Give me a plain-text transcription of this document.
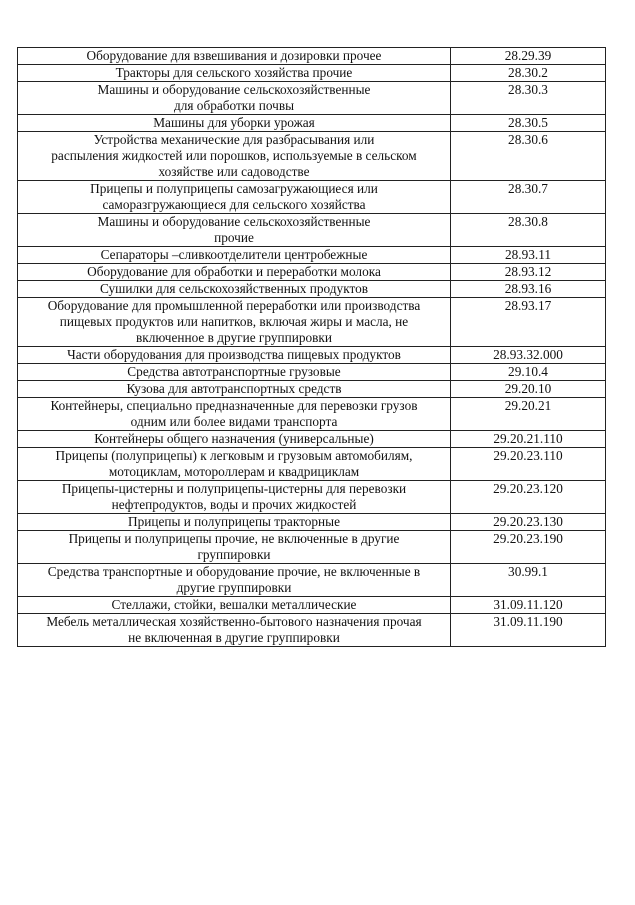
Оборудование для взвешивания и дозировки прочее	28.29.39

Тракторы для сельского хозяйства прочие	28.30.2

Машины и оборудование сельскохозяйственные
для обработки почвы	28.30.3

Машины для уборки урожая	28.30.5

Устройства механические для разбрасывания или
распыления жидкостей или порошков, используемые в сельском
хозяйстве или садоводстве	28.30.6

Прицепы и полуприцепы самозагружающиеся или
саморазгружающиеся для сельского хозяйства	28.30.7

Машины и оборудование сельскохозяйственные
прочие	28.30.8

Сепараторы –сливкоотделители центробежные	28.93.11

Оборудование для обработки и переработки молока	28.93.12

Сушилки для сельскохозяйственных продуктов	28.93.16

Оборудование для промышленной переработки или производства
пищевых продуктов или напитков, включая жиры и масла, не
включенное в другие группировки	28.93.17

Части оборудования для производства пищевых продуктов	28.93.32.000

Средства автотранспортные грузовые	29.10.4

Кузова для автотранспортных средств	29.20.10

Контейнеры, специально предназначенные для перевозки грузов
одним или более видами транспорта	29.20.21

Контейнеры общего назначения (универсальные)	29.20.21.110

Прицепы (полуприцепы) к легковым и грузовым автомобилям,
мотоциклам, мотороллерам и квадрициклам	29.20.23.110

Прицепы-цистерны и полуприцепы-цистерны для перевозки
нефтепродуктов, воды и прочих жидкостей	29.20.23.120

Прицепы и полуприцепы тракторные	29.20.23.130

Прицепы и полуприцепы прочие, не включенные в другие
группировки	29.20.23.190

Средства транспортные и оборудование прочие, не включенные в
другие группировки	30.99.1

Стеллажи, стойки, вешалки металлические	31.09.11.120

Мебель металлическая хозяйственно-бытового назначения прочая
не включенная в другие группировки	31.09.11.190
